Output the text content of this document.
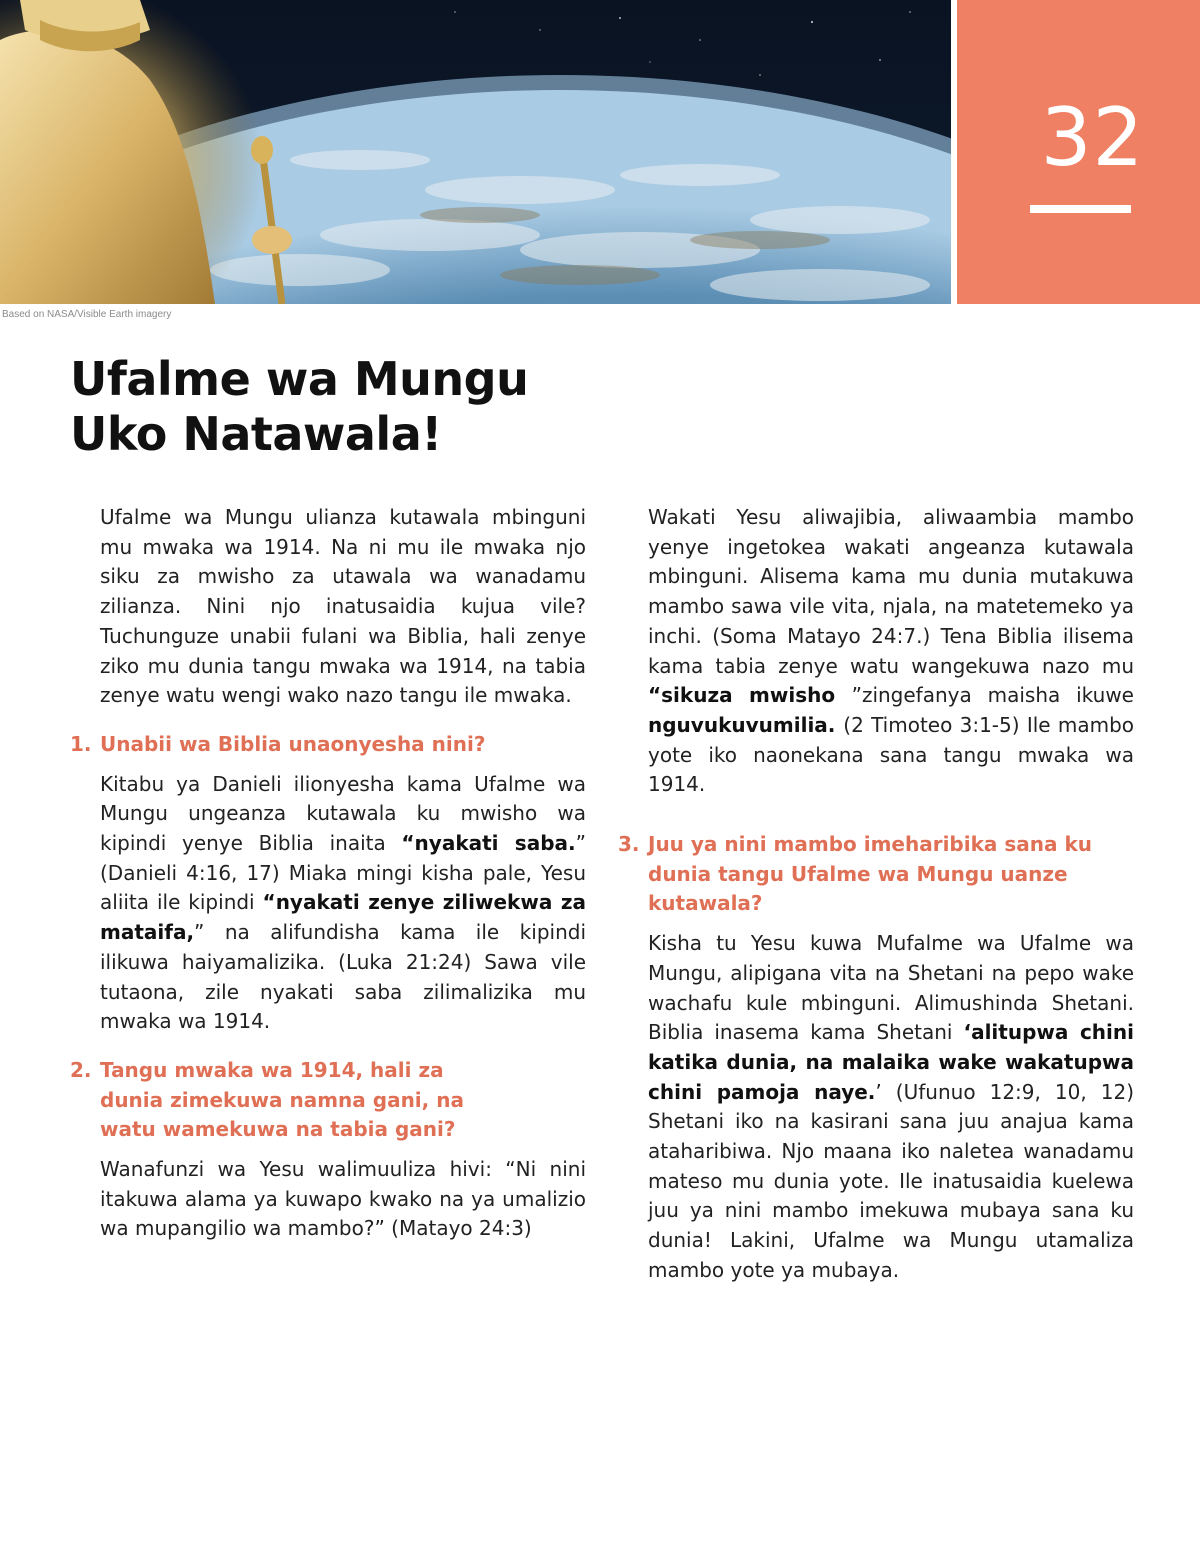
32
Based on NASA/Visible Earth imagery
Ufalme wa Mungu
Uko Natawala!

Ufalme wa Mungu ulianza kutawala mbinguni mu mwaka wa 1914. Na ni mu ile mwaka njo siku za mwisho za utawala wa wanadamu zilianza. Nini njo inatusaidia kujua vile? Tuchunguze unabii fulani wa Biblia, hali zenye ziko mu dunia tangu mwaka wa 1914, na tabia zenye watu wengi wako nazo tangu ile mwaka.

1. Unabii wa Biblia unaonyesha nini?

Kitabu ya Danieli ilionyesha kama Ufalme wa Mungu ungeanza kutawala ku mwisho wa kipindi yenye Biblia inaita “nyakati saba.” (Danieli 4:16, 17) Miaka mingi kisha pale, Yesu aliita ile kipindi “nyakati zenye ziliwekwa za mataifa,” na alifundisha kama ile kipindi ilikuwa haiyamalizika. (Luka 21:24) Sawa vile tutaona, zile nyakati saba zilimalizika mu mwaka wa 1914.

2. Tangu mwaka wa 1914, hali za dunia zimekuwa namna gani, na watu wamekuwa na tabia gani?

Wanafunzi wa Yesu walimuuliza hivi: “Ni nini itakuwa alama ya kuwapo kwako na ya umalizio wa mupangilio wa mambo?” (Matayo 24:3)

Wakati Yesu aliwajibia, aliwaambia mambo yenye ingetokea wakati angeanza kutawala mbinguni. Alisema kama mu dunia mutakuwa mambo sawa vile vita, njala, na matetemeko ya inchi. (Soma Matayo 24:7.) Tena Biblia ilisema kama tabia zenye watu wangekuwa nazo mu “sikuza mwisho ”zingefanya maisha ikuwe nguvukuvumilia. (2 Timoteo 3:1-5) Ile mambo yote iko naonekana sana tangu mwaka wa 1914.

3. Juu ya nini mambo imeharibika sana ku dunia tangu Ufalme wa Mungu uanze kutawala?

Kisha tu Yesu kuwa Mufalme wa Ufalme wa Mungu, alipigana vita na Shetani na pepo wake wachafu kule mbinguni. Alimushinda Shetani. Biblia inasema kama Shetani ‘alitupwa chini katika dunia, na malaika wake wakatupwa chini pamoja naye.’ (Ufunuo 12:9, 10, 12) Shetani iko na kasirani sana juu anajua kama ataharibiwa. Njo maana iko naletea wanadamu mateso mu dunia yote. Ile inatusaidia kuelewa juu ya nini mambo imekuwa mubaya sana ku dunia! Lakini, Ufalme wa Mungu utamaliza mambo yote ya mubaya.
